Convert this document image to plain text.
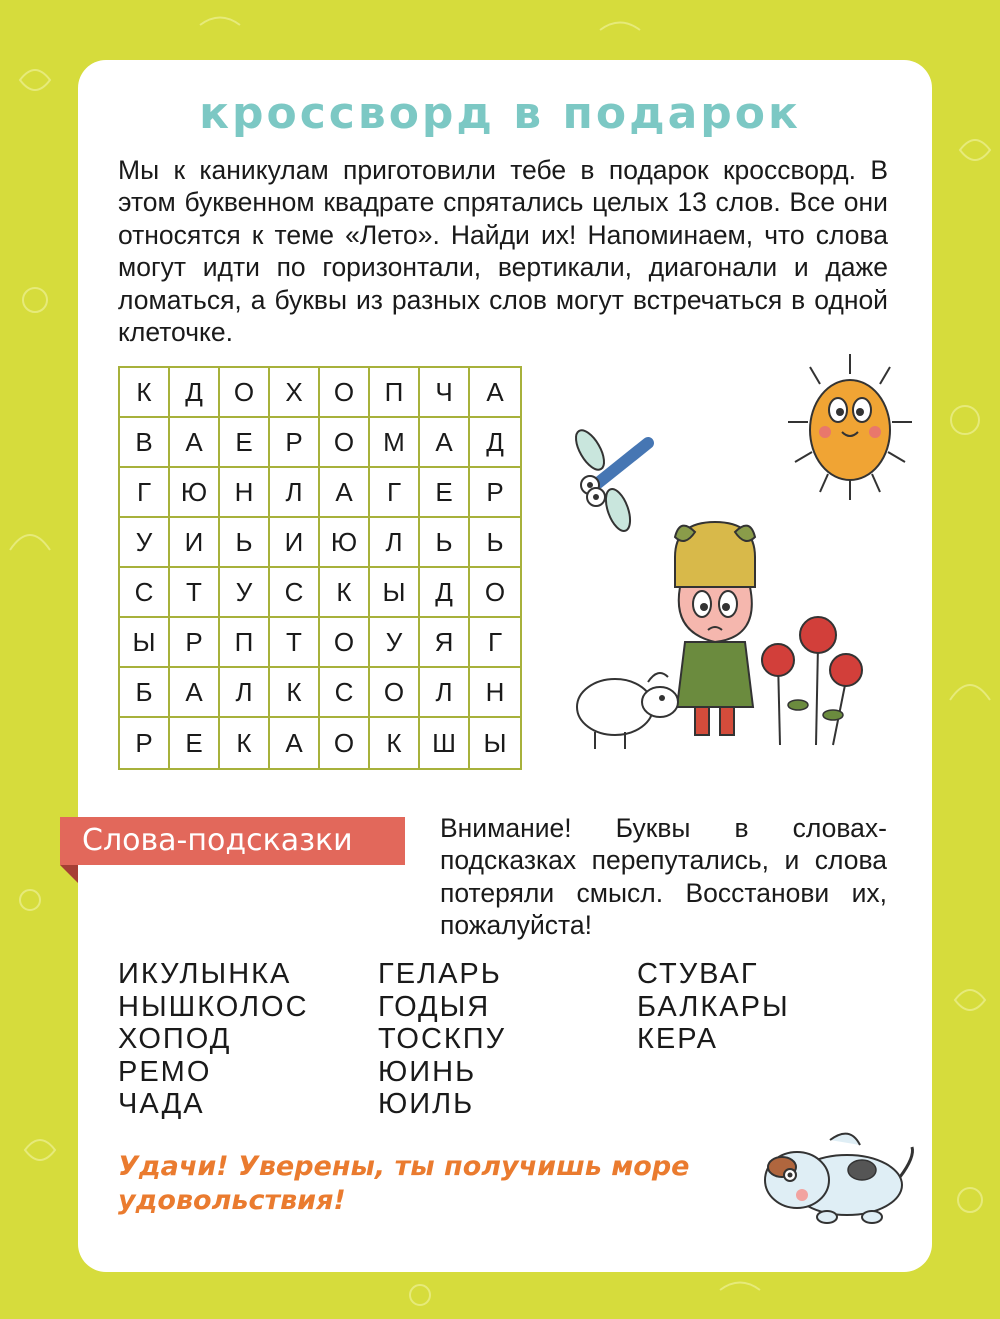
кроссворд в подарок
Мы к каникулам приготовили тебе в подарок кроссворд. В этом буквенном квадрате спрятались целых 13 слов. Все они относятся к теме «Лето». Найди их! Напоминаем, что слова могут идти по горизонтали, вертикали, диагонали и даже ломаться, а буквы из разных слов могут встречаться в одной клеточке.
К	Д	О	Х	О	П	Ч	А
В	А	Е	Р	О	М	А	Д
Г	Ю	Н	Л	А	Г	Е	Р
У	И	Ь	И	Ю	Л	Ь	Ь
С	Т	У	С	К	Ы	Д	О
Ы	Р	П	Т	О	У	Я	Г
Б	А	Л	К	С	О	Л	Н
Р	Е	К	А	О	К	Ш	Ы
Слова-подсказки	Внимание! Буквы в словах-подсказках перепутались, и слова потеряли смысл. Восстанови их, пожалуйста!
ИКУЛЫНКА
НЫШКОЛОС
ХОПОД
РЕМО
ЧАДА
ГЕЛАРЬ
ГОДЫЯ
ТОСКПУ
ЮИНЬ
ЮИЛЬ
СТУВАГ
БАЛКАРЫ
КЕРА
Удачи! Уверены, ты получишь море удовольствия!
